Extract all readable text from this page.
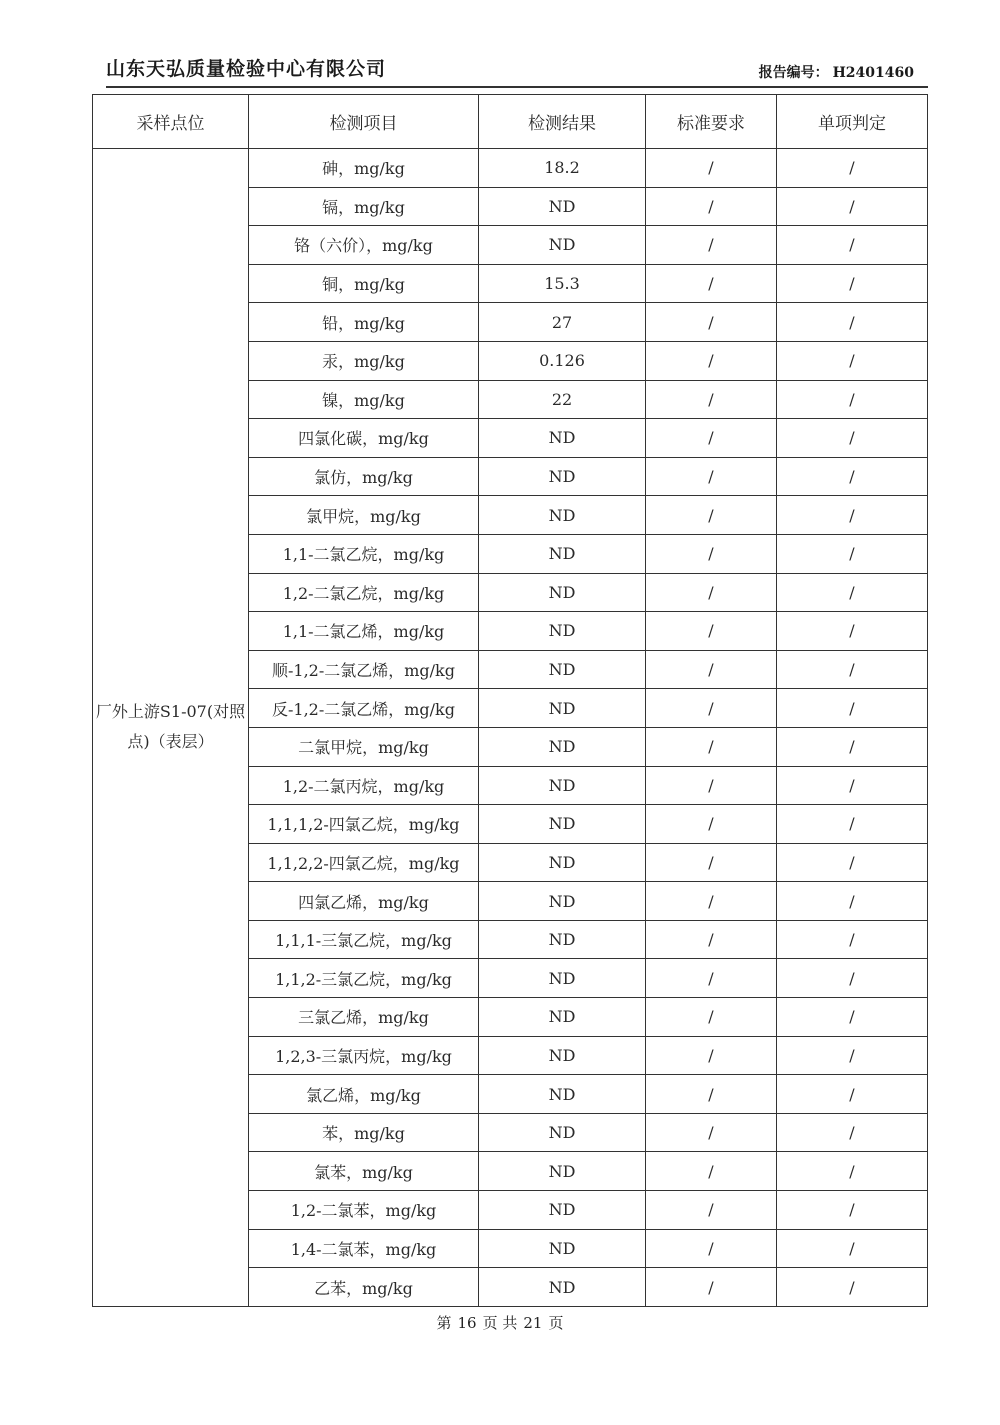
山东天弘质量检验中心有限公司	报告编号： H2401460
采样点位	检测项目	检测结果	标准要求	单项判定
厂外上游S1-07(对照点)（表层）	砷，mg/kg	18.2	/	/
	镉，mg/kg	ND	/	/
	铬（六价），mg/kg	ND	/	/
	铜，mg/kg	15.3	/	/
	铅，mg/kg	27	/	/
	汞，mg/kg	0.126	/	/
	镍，mg/kg	22	/	/
	四氯化碳，mg/kg	ND	/	/
	氯仿，mg/kg	ND	/	/
	氯甲烷，mg/kg	ND	/	/
	1,1-二氯乙烷，mg/kg	ND	/	/
	1,2-二氯乙烷，mg/kg	ND	/	/
	1,1-二氯乙烯，mg/kg	ND	/	/
	顺-1,2-二氯乙烯，mg/kg	ND	/	/
	反-1,2-二氯乙烯，mg/kg	ND	/	/
	二氯甲烷，mg/kg	ND	/	/
	1,2-二氯丙烷，mg/kg	ND	/	/
	1,1,1,2-四氯乙烷，mg/kg	ND	/	/
	1,1,2,2-四氯乙烷，mg/kg	ND	/	/
	四氯乙烯，mg/kg	ND	/	/
	1,1,1-三氯乙烷，mg/kg	ND	/	/
	1,1,2-三氯乙烷，mg/kg	ND	/	/
	三氯乙烯，mg/kg	ND	/	/
	1,2,3-三氯丙烷，mg/kg	ND	/	/
	氯乙烯，mg/kg	ND	/	/
	苯，mg/kg	ND	/	/
	氯苯，mg/kg	ND	/	/
	1,2-二氯苯，mg/kg	ND	/	/
	1,4-二氯苯，mg/kg	ND	/	/
	乙苯，mg/kg	ND	/	/
第 16 页 共 21 页
